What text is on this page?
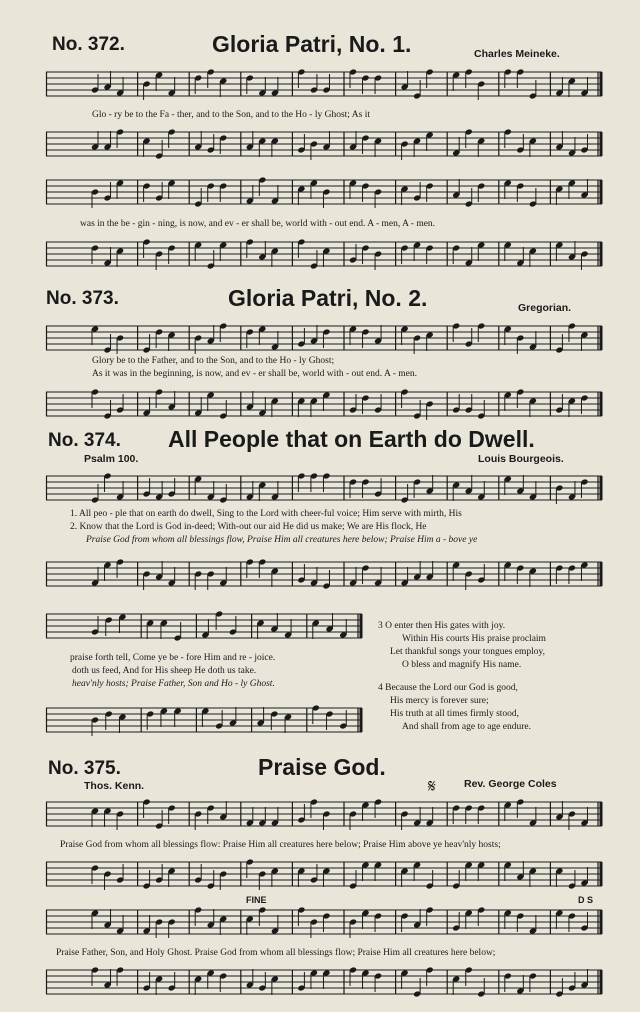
No. 372.	Gloria Patri, No. 1.	Charles Meineke.
Glo - ry be to the Fa - ther, and to the Son, and to the Ho - ly Ghost; As it
was in the be - gin - ning, is now, and ev - er shall be, world with - out end. A - men, A - men.
No. 373.	Gloria Patri, No. 2.	Gregorian.
Glory be to the Father, and to the Son, and to the Ho - ly Ghost;
As it was in the beginning, is now, and ev - er shall be, world with - out end. A - men.
No. 374. All People that on Earth do Dwell.
Psalm 100.	Louis Bourgeois.
1. All peo - ple that on earth do dwell, Sing to the Lord with cheer-ful voice; Him serve with mirth, His
2. Know that the Lord is God in-deed; With-out our aid He did us make; We are His flock, He
Praise God from whom all blessings flow, Praise Him all creatures here below; Praise Him a - bove ye
praise forth tell, Come ye be - fore Him and re - joice.
doth us feed, And for His sheep He doth us take.
heav'nly hosts; Praise Father, Son and Ho - ly Ghost.
3 O enter then His gates with joy.
Within His courts His praise proclaim
Let thankful songs your tongues employ,
O bless and magnify His name.
4 Because the Lord our God is good,
His mercy is forever sure;
His truth at all times firmly stood,
And shall from age to age endure.
No. 375.	Praise God.
Thos. Kenn.	𝄋	Rev. George Coles
Praise God from whom all blessings flow: Praise Him all creatures here below; Praise Him above ye heav'nly hosts;
FINE	D S
Praise Father, Son, and Holy Ghost. Praise God from whom all blessings flow; Praise Him all creatures here below;
